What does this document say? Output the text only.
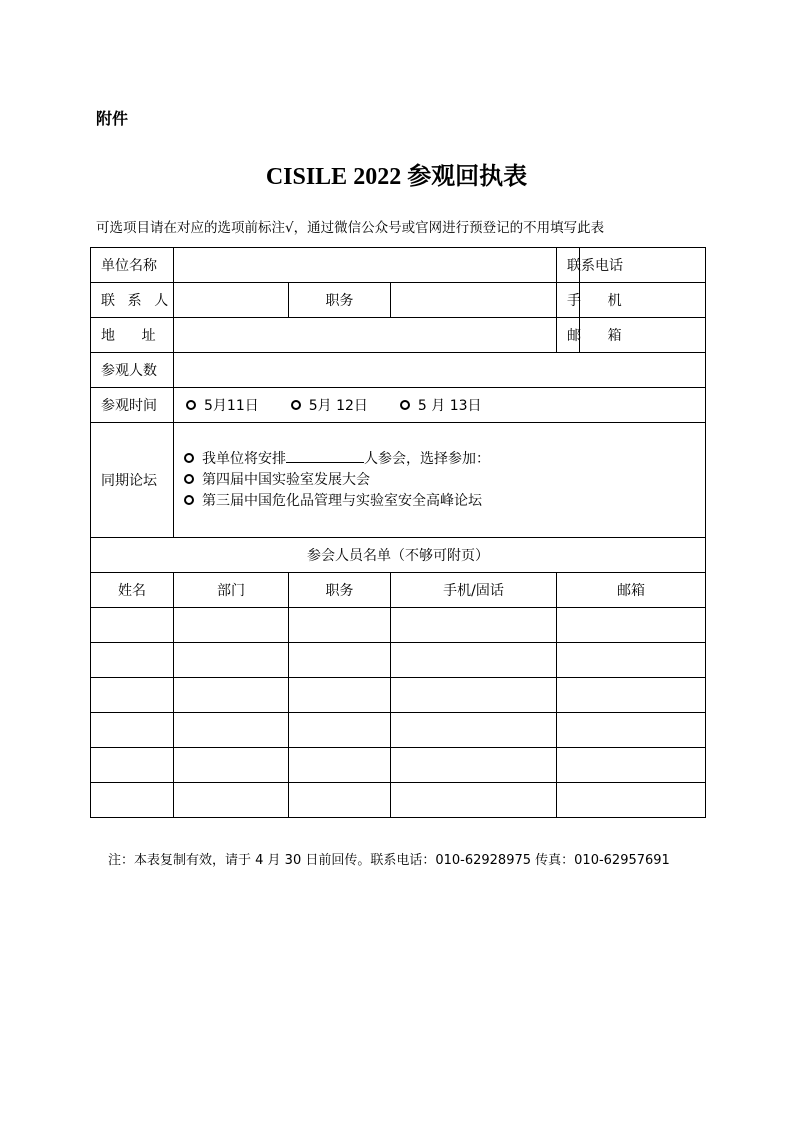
附件
CISILE 2022 参观回执表
可选项目请在对应的选项前标注√，通过微信公众号或官网进行预登记的不用填写此表
单位名称				联系电话	
联系人		职务		手机	
地址				邮箱	
参观人数					
参观时间	5月11日 5月 12日 5 月 13日				
同期论坛	我单位将安排 人参会，选择参加：
第四届中国实验室发展大会
第三届中国危化品管理与实验室安全高峰论坛				

参会人员名单（不够可附页）					
姓名	部门	职务	手机/固话	邮箱	

注：本表复制有效，请于 4 月 30 日前回传。联系电话：010-62928975 传真：010-62957691
